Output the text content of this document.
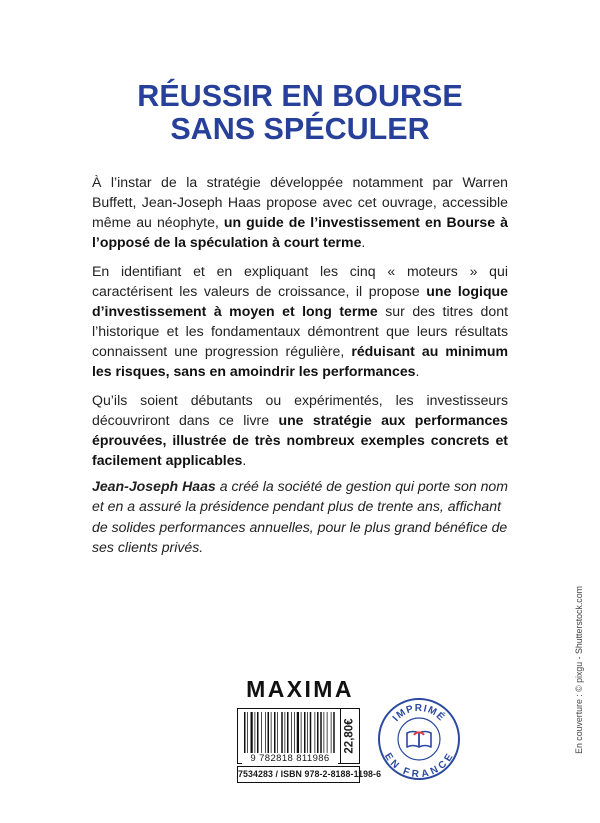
RÉUSSIR EN BOURSE
SANS SPÉCULER

À l’instar de la stratégie développée notamment par Warren Buffett, Jean-Joseph Haas propose avec cet ouvrage, accessible même au néophyte, un guide de l’investissement en Bourse à l’opposé de la spéculation à court terme.

En identifiant et en expliquant les cinq « moteurs » qui caractérisent les valeurs de croissance, il propose une logique d’investissement à moyen et long terme sur des titres dont l’historique et les fondamentaux démontrent que leurs résultats connaissent une progression régulière, réduisant au minimum les risques, sans en amoindrir les performances.

Qu’ils soient débutants ou expérimentés, les investisseurs découvriront dans ce livre une stratégie aux performances éprouvées, illustrée de très nombreux exemples concrets et facilement applicables.

Jean-Joseph Haas a créé la société de gestion qui porte son nom et en a assuré la présidence pendant plus de trente ans, affichant de solides performances annuelles, pour le plus grand bénéfice de ses clients privés.

MAXIMA
9 782818 811986
22,80€
7534283 / ISBN 978-2-8188-1198-6
IMPRIMÉ
EN FRANCE
En couverture : © pixgu - Shutterstock.com
